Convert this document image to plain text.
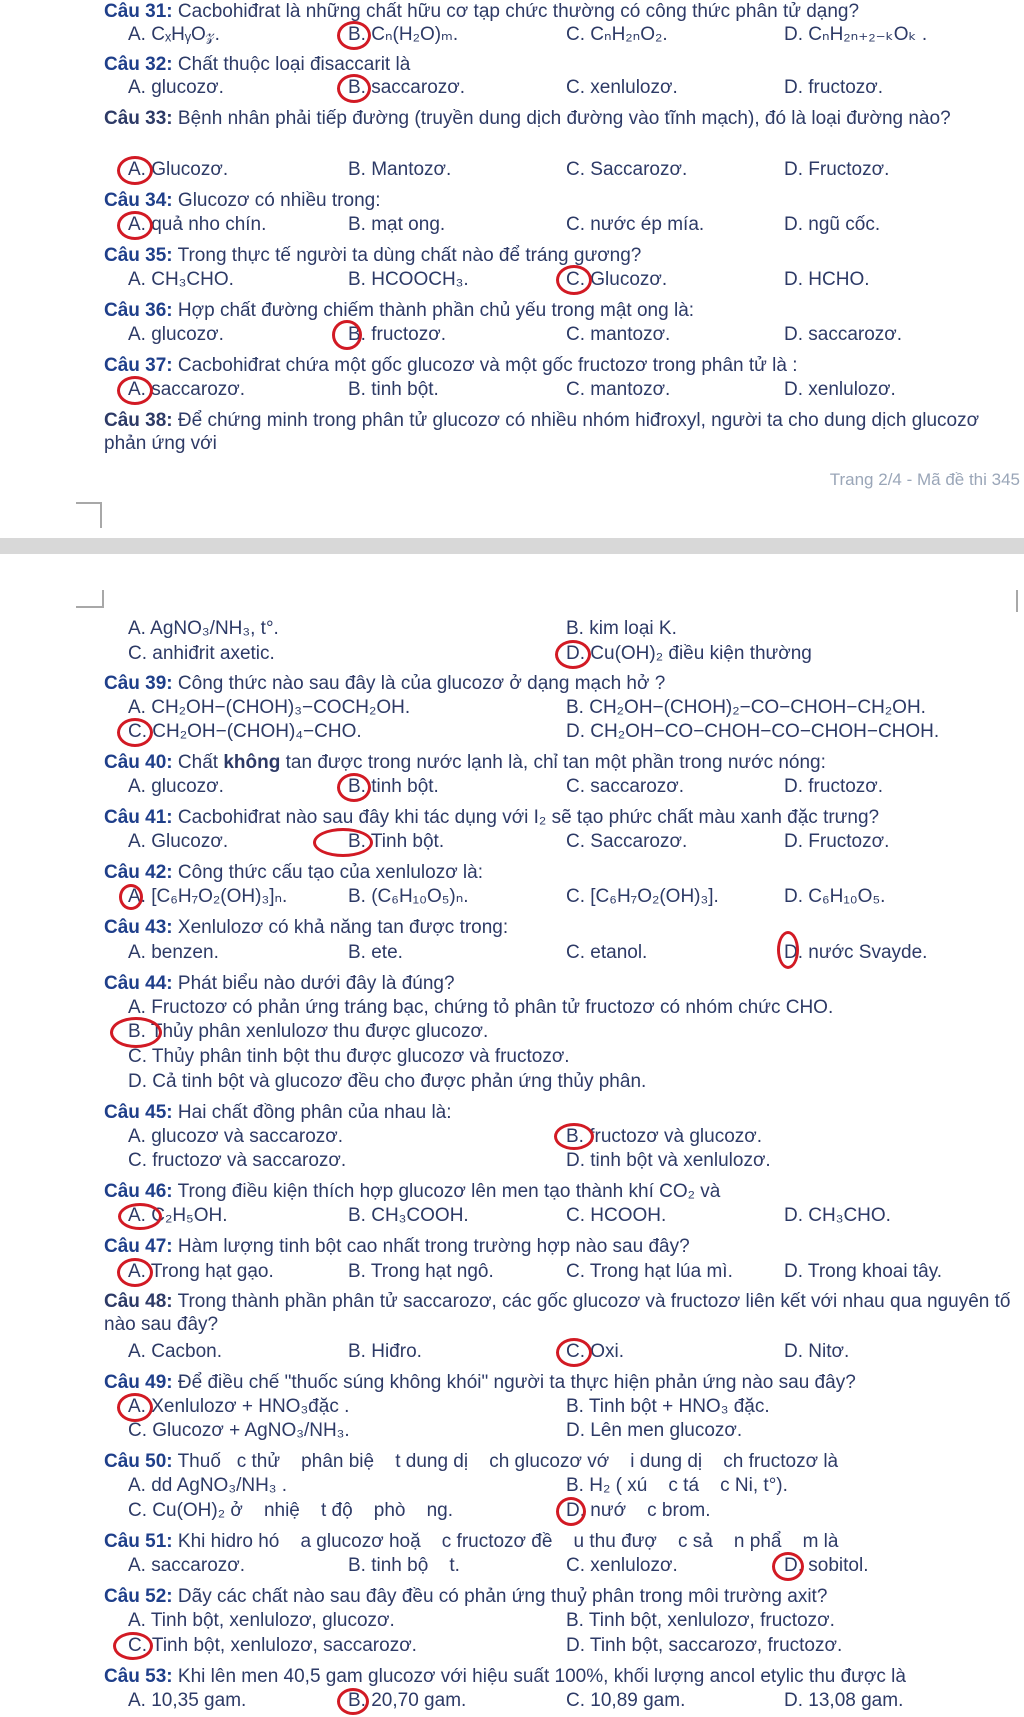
Câu 31: Cacbohiđrat là những chất hữu cơ tạp chức thường có công thức phân tử dạng?
A. CₓHᵧO𝓏.	B. Cₙ(H₂O)ₘ.	C. CₙH₂ₙO₂.	D. CₙH₂ₙ₊₂₋ₖOₖ .
Câu 32: Chất thuộc loại đisaccarit là
A. glucozơ.	B. saccarozơ.	C. xenlulozơ.	D. fructozơ.
Câu 33: Bệnh nhân phải tiếp đường (truyền dung dịch đường vào tĩnh mạch), đó là loại đường nào?
A. Glucozơ.	B. Mantozơ.	C. Saccarozơ.	D. Fructozơ.
Câu 34: Glucozơ có nhiều trong:
A. quả nho chín.	B. mạt ong.	C. nước ép mía.	D. ngũ cốc.
Câu 35: Trong thực tế người ta dùng chất nào để tráng gương?
A. CH₃CHO.	B. HCOOCH₃.	C. Glucozơ.	D. HCHO.
Câu 36: Hợp chất đường chiếm thành phần chủ yếu trong mật ong là:
A. glucozơ.	B. fructozơ.	C. mantozơ.	D. saccarozơ.
Câu 37: Cacbohiđrat chứa một gốc glucozơ và một gốc fructozơ trong phân tử là :
A. saccarozơ.	B. tinh bột.	C. mantozơ.	D. xenlulozơ.
Câu 38: Để chứng minh trong phân tử glucozơ có nhiều nhóm hiđroxyl, người ta cho dung dịch glucozơ phản ứng với
Trang 2/4 - Mã đề thi 345
A. AgNO₃/NH₃, t°.	B. kim loại K.
C. anhiđrit axetic.	D. Cu(OH)₂ điều kiện thường
Câu 39: Công thức nào sau đây là của glucozơ ở dạng mạch hở ?
A. CH₂OH−(CHOH)₃−COCH₂OH.	B. CH₂OH−(CHOH)₂−CO−CHOH−CH₂OH.
C. CH₂OH−(CHOH)₄−CHO.	D. CH₂OH−CO−CHOH−CO−CHOH−CHOH.
Câu 40: Chất không tan được trong nước lạnh là, chỉ tan một phần trong nước nóng:
A. glucozơ.	B. tinh bột.	C. saccarozơ.	D. fructozơ.
Câu 41: Cacbohiđrat nào sau đây khi tác dụng với I₂ sẽ tạo phức chất màu xanh đặc trưng?
A. Glucozơ.	B. Tinh bột.	C. Saccarozơ.	D. Fructozơ.
Câu 42: Công thức cấu tạo của xenlulozơ là:
A. [C₆H₇O₂(OH)₃]ₙ.	B. (C₆H₁₀O₅)ₙ.	C. [C₆H₇O₂(OH)₃].	D. C₆H₁₀O₅.
Câu 43: Xenlulozơ có khả năng tan được trong:
A. benzen.	B. ete.	C. etanol.	D. nước Svayde.
Câu 44: Phát biểu nào dưới đây là đúng?
A. Fructozơ có phản ứng tráng bạc, chứng tỏ phân tử fructozơ có nhóm chức CHO.
B. Thủy phân xenlulozơ thu được glucozơ.
C. Thủy phân tinh bột thu được glucozơ và fructozơ.
D. Cả tinh bột và glucozơ đều cho được phản ứng thủy phân.
Câu 45: Hai chất đồng phân của nhau là:
A. glucozơ và saccarozơ.	B. fructozơ và glucozơ.
C. fructozơ và saccarozơ.	D. tinh bột và xenlulozơ.
Câu 46: Trong điều kiện thích hợp glucozơ lên men tạo thành khí CO₂ và
A. C₂H₅OH.	B. CH₃COOH.	C. HCOOH.	D. CH₃CHO.
Câu 47: Hàm lượng tinh bột cao nhất trong trường hợp nào sau đây?
A. Trong hạt gạo.	B. Trong hạt ngô.	C. Trong hạt lúa mì.	D. Trong khoai tây.
Câu 48: Trong thành phần phân tử saccarozơ, các gốc glucozơ và fructozơ liên kết với nhau qua nguyên tố nào sau đây?
A. Cacbon.	B. Hiđro.	C. Oxi.	D. Nitơ.
Câu 49: Để điều chế "thuốc súng không khói" người ta thực hiện phản ứng nào sau đây?
A. Xenlulozơ + HNO₃đặc .	B. Tinh bột + HNO₃ đặc.
C. Glucozơ + AgNO₃/NH₃.	D. Lên men glucozơ.
Câu 50: Thuố   c thử    phân biệ    t dung dị    ch glucozơ vớ    i dung dị    ch fructozơ là
A. dd AgNO₃/NH₃ .	B. H₂ ( xú    c tá    c Ni, t°).
C. Cu(OH)₂ ở    nhiệ    t độ    phò    ng.	D. nướ    c brom.
Câu 51: Khi hidro hó    a glucozơ hoặ    c fructozơ đề    u thu đượ    c sả    n phẩ    m là
A. saccarozơ.	B. tinh bộ    t.	C. xenlulozơ.	D. sobitol.
Câu 52: Dãy các chất nào sau đây đều có phản ứng thuỷ phân trong môi trường axit?
A. Tinh bột, xenlulozơ, glucozơ.	B. Tinh bột, xenlulozơ, fructozơ.
C. Tinh bột, xenlulozơ, saccarozơ.	D. Tinh bột, saccarozơ, fructozơ.
Câu 53: Khi lên men 40,5 gam glucozơ với hiệu suất 100%, khối lượng ancol etylic thu được là
A. 10,35 gam.	B. 20,70 gam.	C. 10,89 gam.	D. 13,08 gam.
